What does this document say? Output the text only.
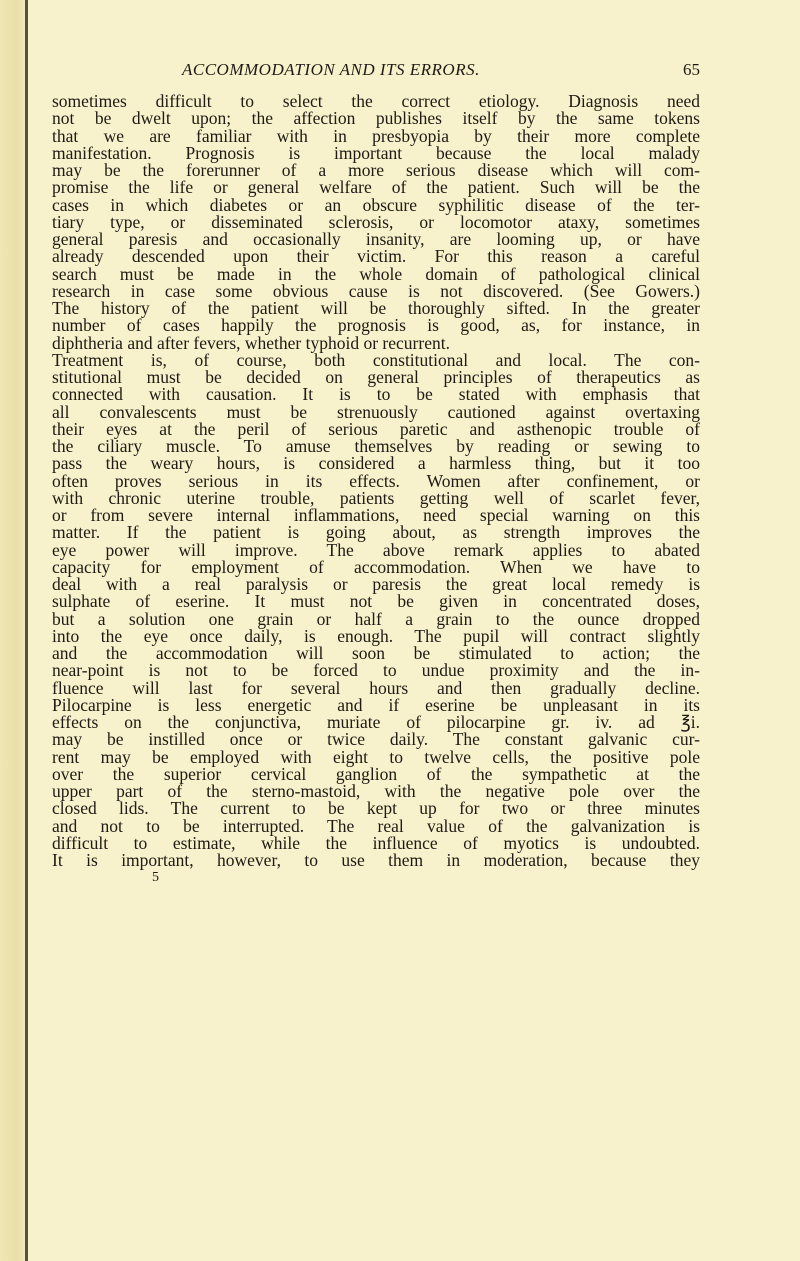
ACCOMMODATION AND ITS ERRORS.	65
sometimes difficult to select the correct etiology. Diagnosis need
not be dwelt upon; the affection publishes itself by the same tokens
that we are familiar with in presbyopia by their more complete
manifestation. Prognosis is important because the local malady
may be the forerunner of a more serious disease which will com-
promise the life or general welfare of the patient. Such will be the
cases in which diabetes or an obscure syphilitic disease of the ter-
tiary type, or disseminated sclerosis, or locomotor ataxy, sometimes
general paresis and occasionally insanity, are looming up, or have
already descended upon their victim. For this reason a careful
search must be made in the whole domain of pathological clinical
research in case some obvious cause is not discovered. (See Gowers.)
The history of the patient will be thoroughly sifted. In the greater
number of cases happily the prognosis is good, as, for instance, in
diphtheria and after fevers, whether typhoid or recurrent.
Treatment is, of course, both constitutional and local. The con-
stitutional must be decided on general principles of therapeutics as
connected with causation. It is to be stated with emphasis that
all convalescents must be strenuously cautioned against overtaxing
their eyes at the peril of serious paretic and asthenopic trouble of
the ciliary muscle. To amuse themselves by reading or sewing to
pass the weary hours, is considered a harmless thing, but it too
often proves serious in its effects. Women after confinement, or
with chronic uterine trouble, patients getting well of scarlet fever,
or from severe internal inflammations, need special warning on this
matter. If the patient is going about, as strength improves the
eye power will improve. The above remark applies to abated
capacity for employment of accommodation. When we have to
deal with a real paralysis or paresis the great local remedy is
sulphate of eserine. It must not be given in concentrated doses,
but a solution one grain or half a grain to the ounce dropped
into the eye once daily, is enough. The pupil will contract slightly
and the accommodation will soon be stimulated to action; the
near-point is not to be forced to undue proximity and the in-
fluence will last for several hours and then gradually decline.
Pilocarpine is less energetic and if eserine be unpleasant in its
effects on the conjunctiva, muriate of pilocarpine gr. iv. ad ℥i.
may be instilled once or twice daily. The constant galvanic cur-
rent may be employed with eight to twelve cells, the positive pole
over the superior cervical ganglion of the sympathetic at the
upper part of the sterno-mastoid, with the negative pole over the
closed lids. The current to be kept up for two or three minutes
and not to be interrupted. The real value of the galvanization is
difficult to estimate, while the influence of myotics is undoubted.
It is important, however, to use them in moderation, because they
5
